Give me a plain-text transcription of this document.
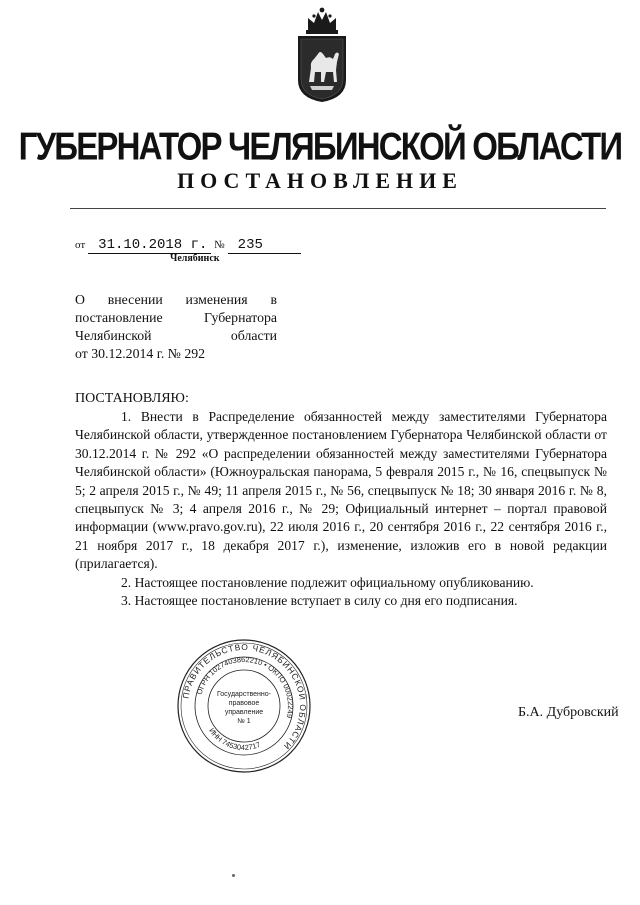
ГУБЕРНАТОР ЧЕЛЯБИНСКОЙ ОБЛАСТИ
ПОСТАНОВЛЕНИЕ
от 31.10.2018 г. № 235
Челябинск
О внесении изменения в
постановление Губернатора
Челябинской области
от 30.12.2014 г. № 292
ПОСТАНОВЛЯЮ:

1. Внести в Распределение обязанностей между заместителями Губернатора Челябинской области, утвержденное постановлением Губернатора Челябинской области от 30.12.2014 г. № 292 «О распределении обязанностей между заместителями Губернатора Челябинской области» (Южноуральская панорама, 5 февраля 2015 г., № 16, спецвыпуск № 5; 2 апреля 2015 г., № 49; 11 апреля 2015 г., № 56, спецвыпуск № 18; 30 января 2016 г. № 8, спецвыпуск № 3; 4 апреля 2016 г., № 29; Официальный интернет – портал правовой информации (www.pravo.gov.ru), 22 июля 2016 г., 20 сентября 2016 г., 22 сентября 2016 г., 21 ноября 2017 г., 18 декабря 2017 г.), изменение, изложив его в новой редакции (прилагается).

2. Настоящее постановление подлежит официальному опубликованию.

3. Настоящее постановление вступает в силу со дня его подписания.

ПРАВИТЕЛЬСТВО ЧЕЛЯБИНСКОЙ ОБЛАСТИ
ОГРН 1027403862210 • ОКПО 00022249
ИНН 7453042717
Государственно-
правовое
управление
№ 1
Б.А. Дубровский
